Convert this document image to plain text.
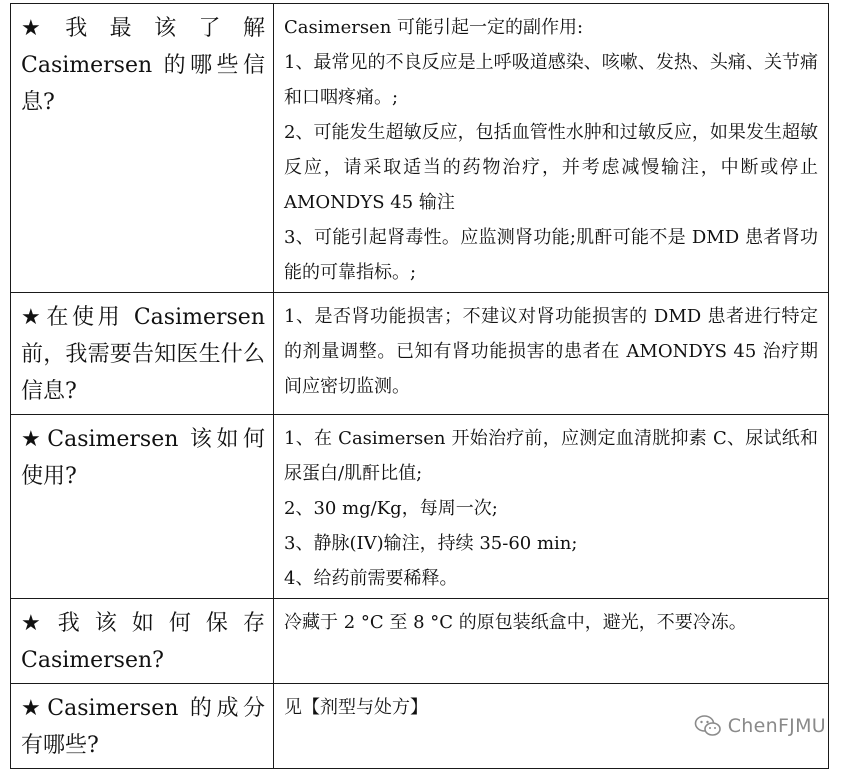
★我最该了解 Casimersen 的哪些信息?	Casimersen 可能引起一定的副作用:

1、最常见的不良反应是上呼吸道感染、咳嗽、发热、头痛、关节痛和口咽疼痛。;

2、可能发生超敏反应，包括血管性水肿和过敏反应，如果发生超敏反应，请采取适当的药物治疗，并考虑减慢输注，中断或停止 AMONDYS 45 输注

3、可能引起肾毒性。应监测肾功能;肌酐可能不是 DMD 患者肾功能的可靠指标。;

★在使用 Casimersen 前，我需要告知医生什么信息?	1、是否肾功能损害；不建议对肾功能损害的 DMD 患者进行特定的剂量调整。已知有肾功能损害的患者在 AMONDYS 45 治疗期间应密切监测。

★Casimersen 该如何使用?	1、在 Casimersen 开始治疗前，应测定血清胱抑素 C、尿试纸和尿蛋白/肌酐比值;

2、30 mg/Kg，每周一次;

3、静脉(IV)输注，持续 35-60 min;

4、给药前需要稀释。

★我该如何保存 Casimersen?	冷藏于 2 °C 至 8 °C 的原包装纸盒中，避光，不要冷冻。

★Casimersen 的成分有哪些?	见【剂型与处方】

ChenFJMU
